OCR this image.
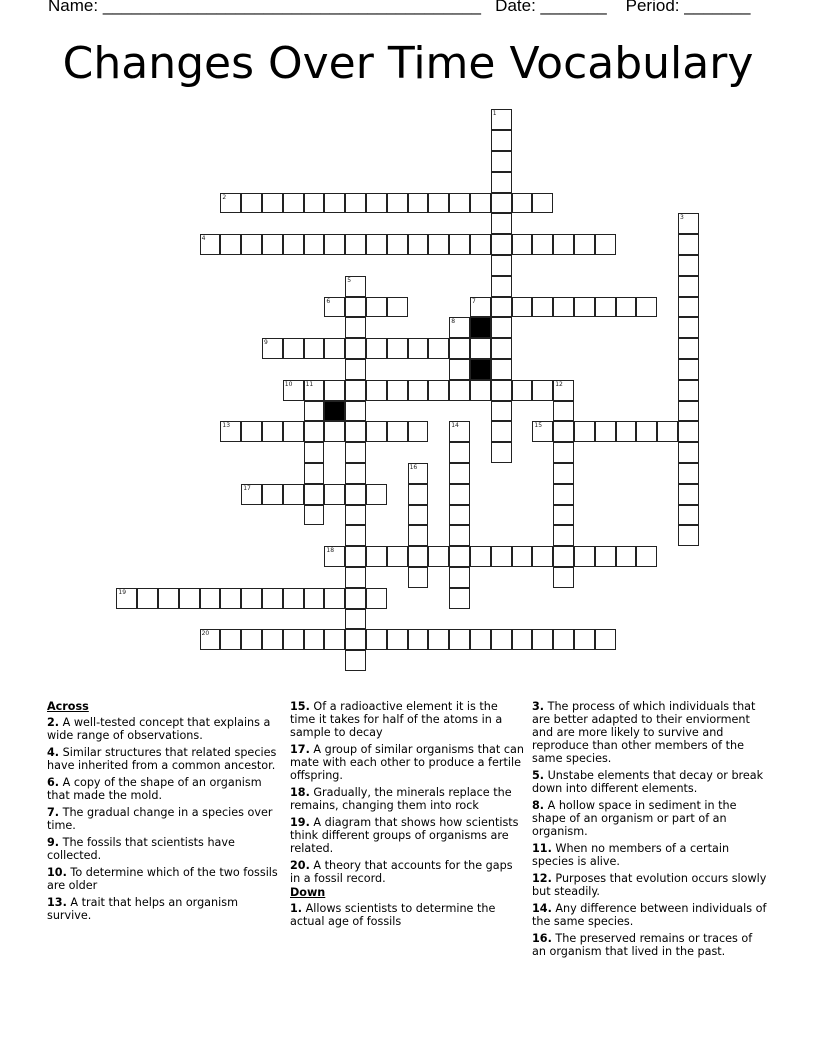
Name: ________________________________________ Date: _______ Period: _______
Changes Over Time Vocabulary
1
2
3
4
5
6	7
8
9
10 11	12
13	14	15
16
17
18
19
20
Across
2. A well-tested concept that explains a wide range of observations.
4. Similar structures that related species have inherited from a common ancestor.
6. A copy of the shape of an organism that made the mold.
7. The gradual change in a species over time.
9. The fossils that scientists have collected.
10. To determine which of the two fossils are older
13. A trait that helps an organism survive.
15. Of a radioactive element it is the time it takes for half of the atoms in a sample to decay
17. A group of similar organisms that can mate with each other to produce a fertile offspring.
18. Gradually, the minerals replace the remains, changing them into rock
19. A diagram that shows how scientists think different groups of organisms are related.
20. A theory that accounts for the gaps in a fossil record.
Down
1. Allows scientists to determine the actual age of fossils
3. The process of which individuals that are better adapted to their enviorment and are more likely to survive and reproduce than other members of the same species.
5. Unstabe elements that decay or break down into different elements.
8. A hollow space in sediment in the shape of an organism or part of an organism.
11. When no members of a certain species is alive.
12. Purposes that evolution occurs slowly but steadily.
14. Any difference between individuals of the same species.
16. The preserved remains or traces of an organism that lived in the past.
